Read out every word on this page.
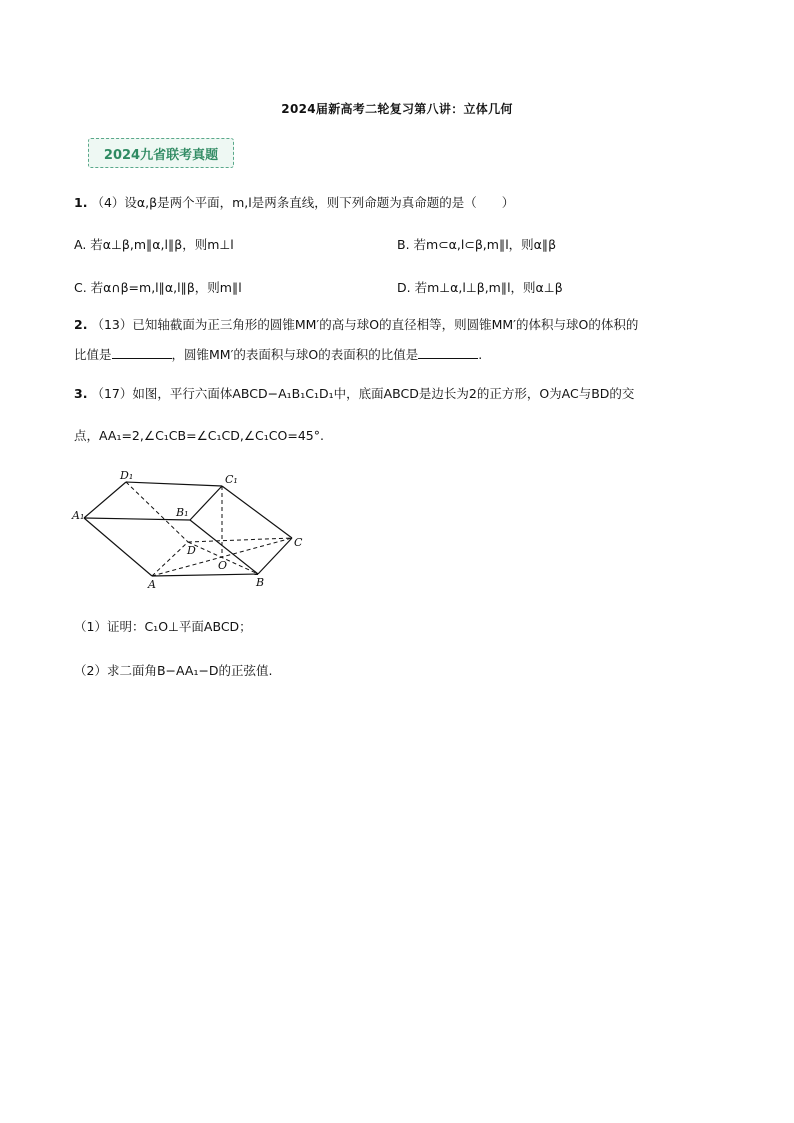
2024届新高考二轮复习第八讲：立体几何
2024九省联考真题
1. （4）设α,β是两个平面，m,l是两条直线，则下列命题为真命题的是（　　）
A. 若α⊥β,m∥α,l∥β，则m⊥l	B. 若m⊂α,l⊂β,m∥l，则α∥β
C. 若α∩β=m,l∥α,l∥β，则m∥l	D. 若m⊥α,l⊥β,m∥l，则α⊥β
2. （13）已知轴截面为正三角形的圆锥MM′的高与球O的直径相等，则圆锥MM′的体积与球O的体积的
比值是	，圆锥MM′的表面积与球O的表面积的比值是	.
3. （17）如图，平行六面体ABCD−A₁B₁C₁D₁中，底面ABCD是边长为2的正方形，O为AC与BD的交
点，AA₁=2,∠C₁CB=∠C₁CD,∠C₁CO=45°.
D₁	C₁
A₁	B₁
D
O
C
A	B
（1）证明：C₁O⊥平面ABCD；
（2）求二面角B−AA₁−D的正弦值.
